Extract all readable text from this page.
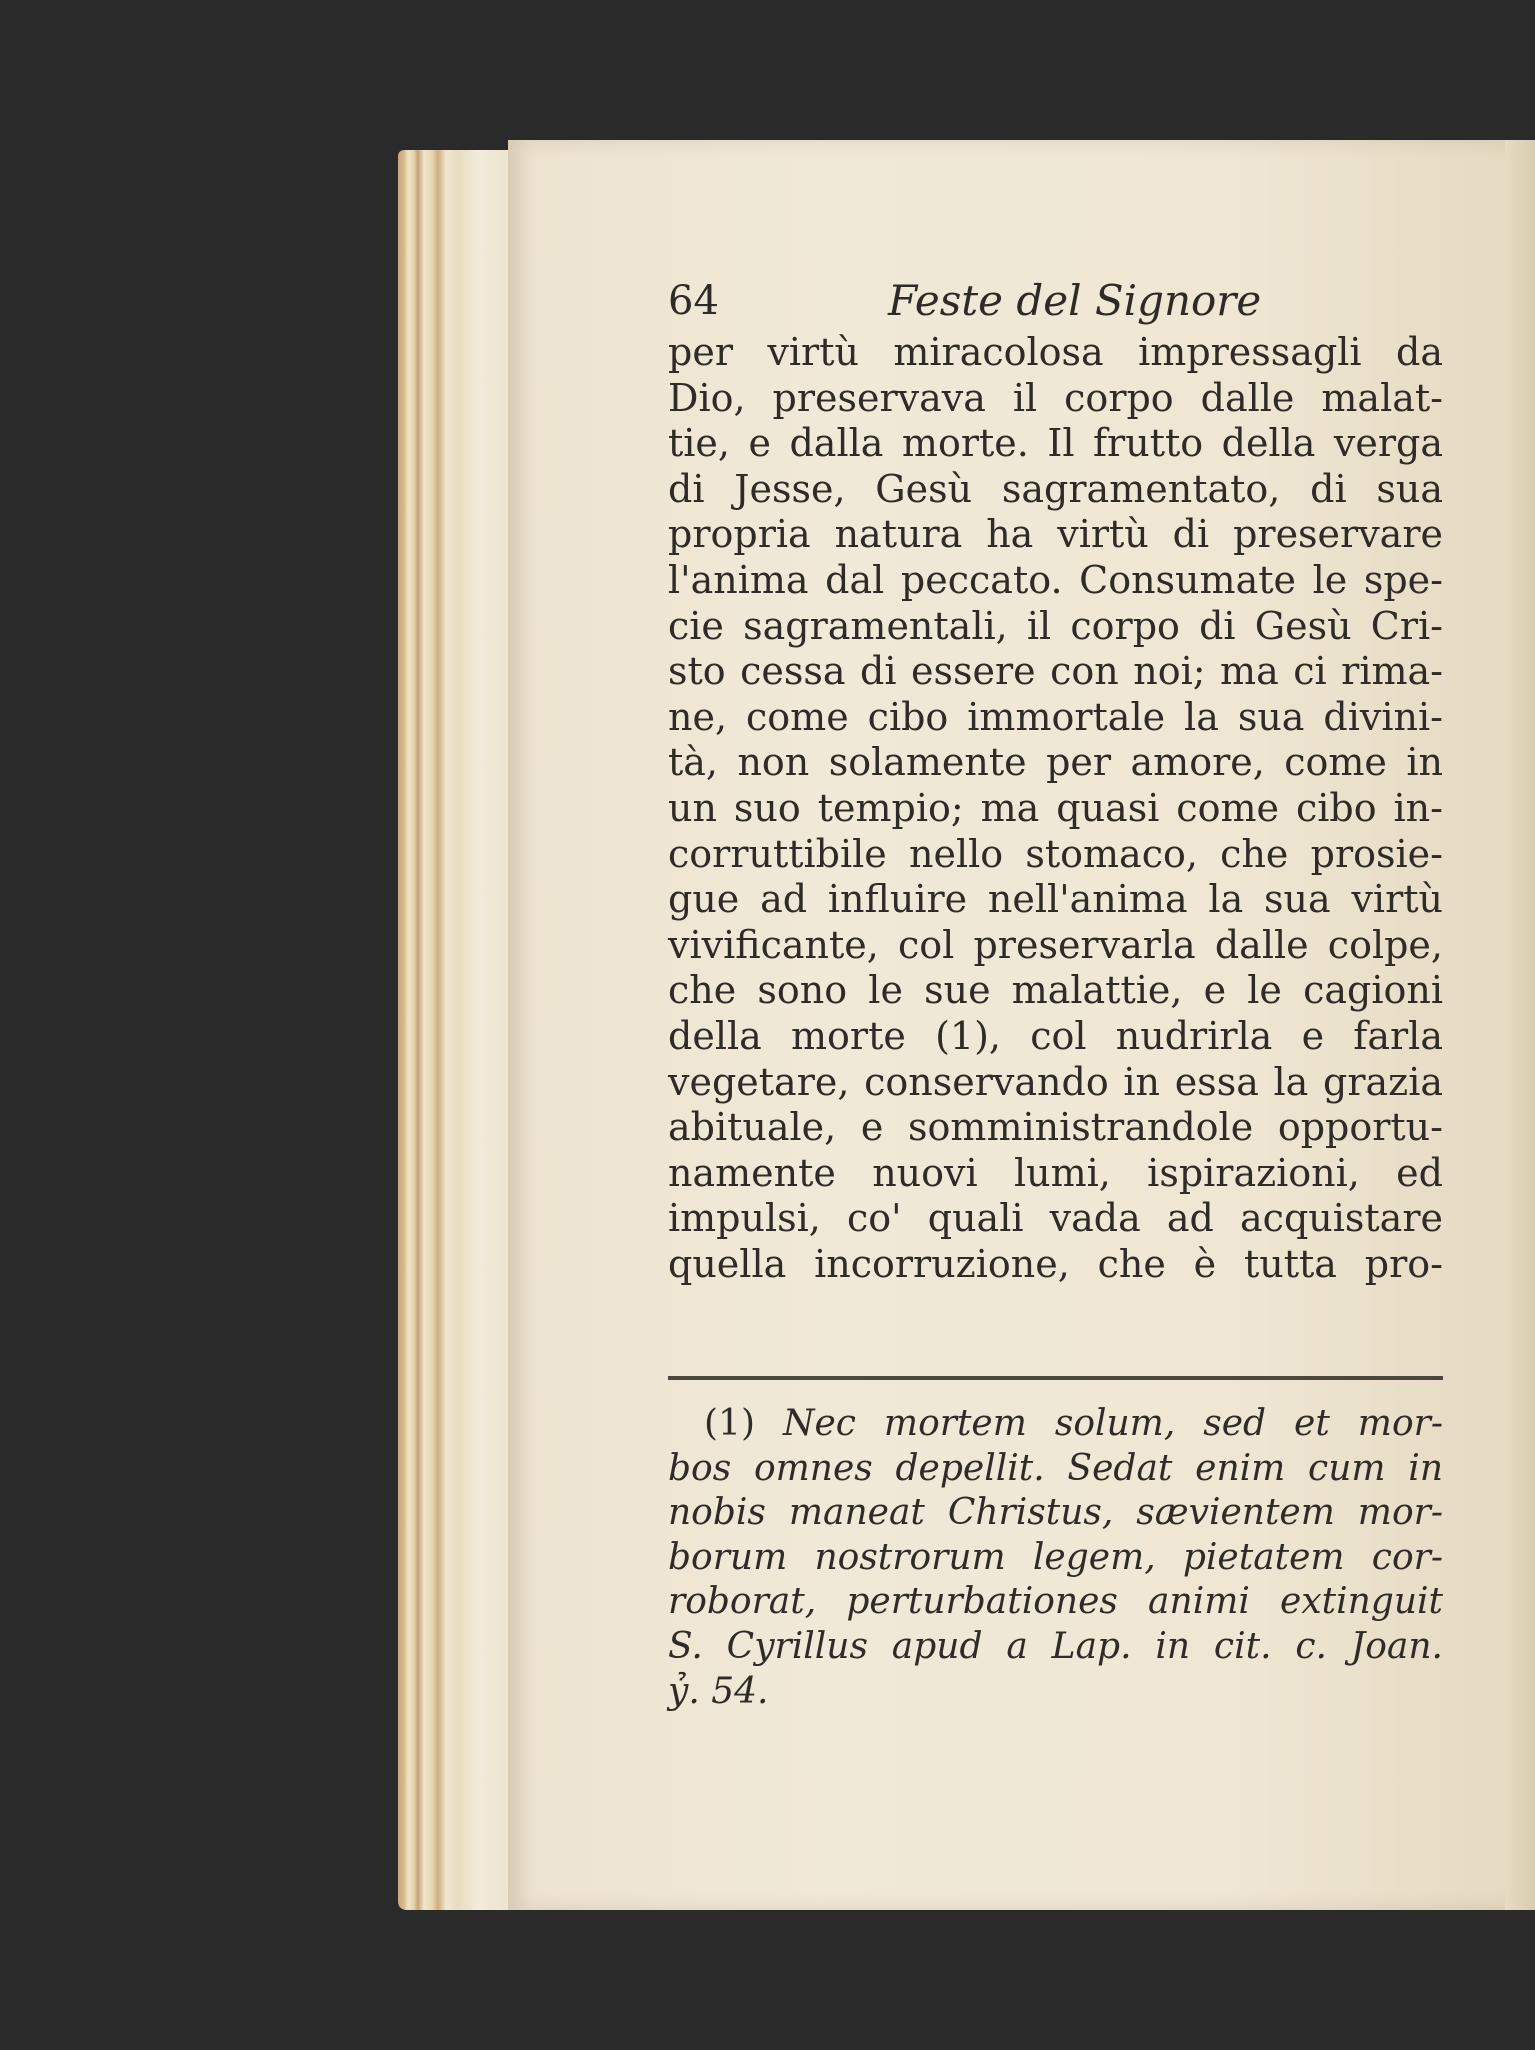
64	Feste del Signore
per virtù miracolosa impressagli da
Dio, preservava il corpo dalle malat-
tie, e dalla morte. Il frutto della verga
di Jesse, Gesù sagramentato, di sua
propria natura ha virtù di preservare
l'anima dal peccato. Consumate le spe-
cie sagramentali, il corpo di Gesù Cri-
sto cessa di essere con noi; ma ci rima-
ne, come cibo immortale la sua divini-
tà, non solamente per amore, come in
un suo tempio; ma quasi come cibo in-
corruttibile nello stomaco, che prosie-
gue ad influire nell'anima la sua virtù
vivificante, col preservarla dalle colpe,
che sono le sue malattie, e le cagioni
della morte (1), col nudrirla e farla
vegetare, conservando in essa la grazia
abituale, e somministrandole opportu-
namente nuovi lumi, ispirazioni, ed
impulsi, co' quali vada ad acquistare
quella incorruzione, che è tutta pro-
(1) Nec mortem solum, sed et mor-
bos omnes depellit. Sedat enim cum in
nobis maneat Christus, sævientem mor-
borum nostrorum legem, pietatem cor-
roborat, perturbationes animi extinguit
S. Cyrillus apud a Lap. in cit. c. Joan.
ỷ. 54.
